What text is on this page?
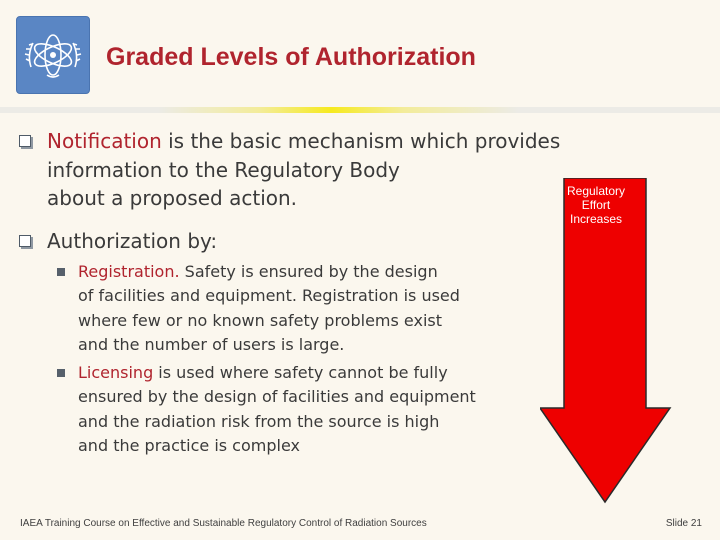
Graded Levels of Authorization
Notification is the basic mechanism which provides
information to the Regulatory Body
about a proposed action.
Authorization by:
Registration. Safety is ensured by the design
of facilities and equipment. Registration is used
where few or no known safety problems exist
and the number of users is large.
Licensing is used where safety cannot be fully
ensured by the design of facilities and equipment
and the radiation risk from the source is high
and the practice is complex
Regulatory
Effort
Increases
IAEA Training Course on Effective and Sustainable Regulatory Control of Radiation Sources	Slide 21
